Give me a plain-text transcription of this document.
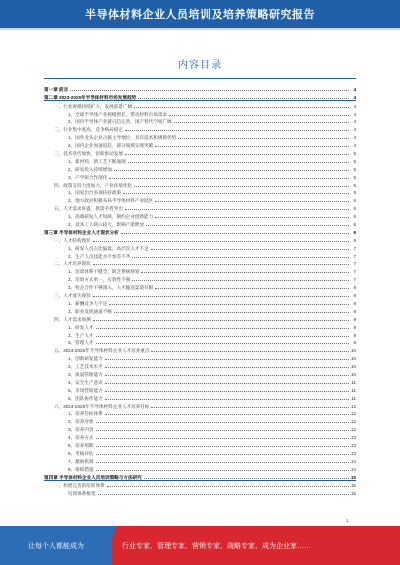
半导体材料企业人员培训及培养策略研究报告
内容目录
第一章 前言	4
第二章 2023-2025年半导体材料市场发展趋势	4
一、行业规模持续扩大，发展前景广阔	4
1、全球半导体产业规模增长，带动材料市场需求	4
2、国内半导体产业链日趋完善，国产替代空间广阔	4
二、行业集中度高，竞争格局稳定	4
1、国外龙头企业占据主导地位，具有技术和规模优势	4
2、国内企业加速追赶，部分领域实现突破	4
三、技术迭代加快，创新驱动发展	5
1、新材料、新工艺不断涌现	5
2、研发投入持续增加	5
3、产学研合作深化	5
四、政策支持力度加大，产业环境优化	5
1、国家出台多项扶持政策	5
2、地方政府积极布局半导体材料产业园区	6
五、人才需求旺盛，供需矛盾突出	6
1、高端研发人才短缺，制约企业创新能力	6
2、技术工人缺口较大，影响产能释放	6
第三章 半导体材料企业人才现状分析	6
一、人才结构现状	6
1、研发人员占比偏低，高层次人才不足	7
2、生产人员技能水平参差不齐	7
二、人才培养现状	7
1、培训体系不健全，缺乏系统规划	7
2、培训方式单一，实效性不强	7
3、校企合作不够深入，人才输送渠道有限	8
三、人才流失现状	8
1、薪酬竞争力不足	8
2、职业发展通道不畅	8
四、人才需求预测	9
1、研发人才	9
2、生产人才	9
3、管理人才	9
五、2024-2025年半导体材料企业人才培养重点	10
1、创新研发能力	10
2、工艺技术水平	10
3、质量管理能力	10
4、安全生产意识	11
5、市场营销能力	11
6、团队协作能力	11
六、2024-2025年半导体材料企业人才培养目标	12
1、培养目标体系	12
2、培养对象	12
3、培养内容	12
4、培养方式	13
5、培养周期	13
6、考核评估	13
7、激励机制	14
8、保障措施	14
第四章 半导体材料企业人员培训策略与方法研究	15
一、构建完善的培训体系	15
培训体系框架	15
1
让每个人都能成为	行业专家、管理专家、营销专家、战略专家、成为企业家……
